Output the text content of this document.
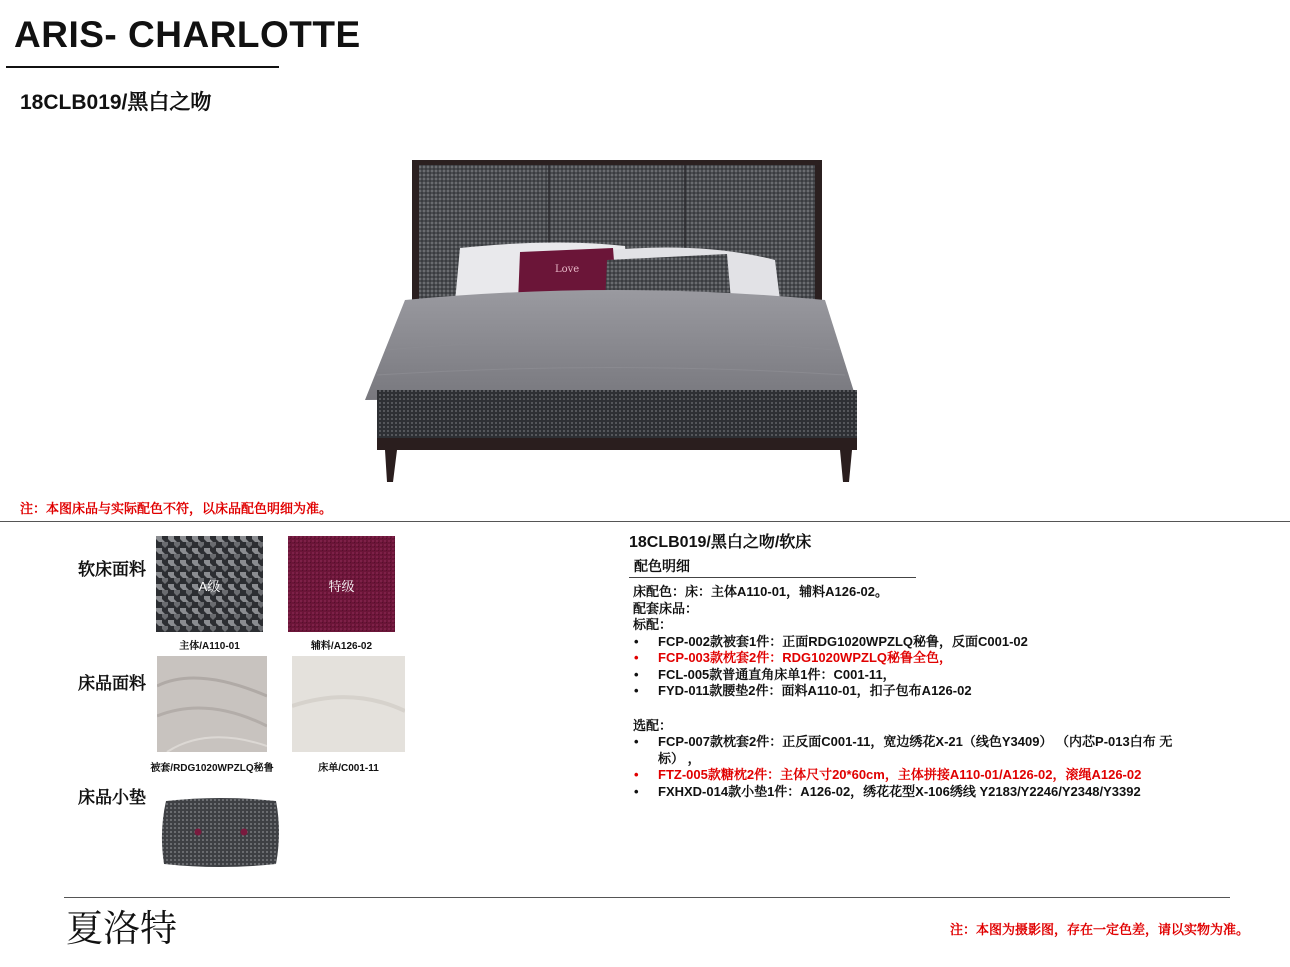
ARIS- CHARLOTTE
18CLB019/黑白之吻
Love
注：本图床品与实际配色不符，以床品配色明细为准。
软床面料
A级
主体/A110-01
特级
辅料/A126-02
床品面料
被套/RDG1020WPZLQ秘鲁	床单/C001-11
床品小垫
18CLB019/黑白之吻/软床
配色明细
床配色：床：主体A110-01，辅料A126-02。
配套床品：
标配：
• FCP-002款被套1件：正面RDG1020WPZLQ秘鲁，反面C001-02
• FCP-003款枕套2件：RDG1020WPZLQ秘鲁全色，
• FCL-005款普通直角床单1件：C001-11，
• FYD-011款腰垫2件：面料A110-01，扣子包布A126-02
选配：
• FCP-007款枕套2件：正反面C001-11，宽边绣花X-21（线色Y3409） （内芯P-013白布 无
标） ，
• FTZ-005款糖枕2件：主体尺寸20*60cm，主体拼接A110-01/A126-02，滚绳A126-02
• FXHXD-014款小垫1件：A126-02，绣花花型X-106绣线 Y2183/Y2246/Y2348/Y3392
夏洛特	注：本图为摄影图，存在一定色差，请以实物为准。
